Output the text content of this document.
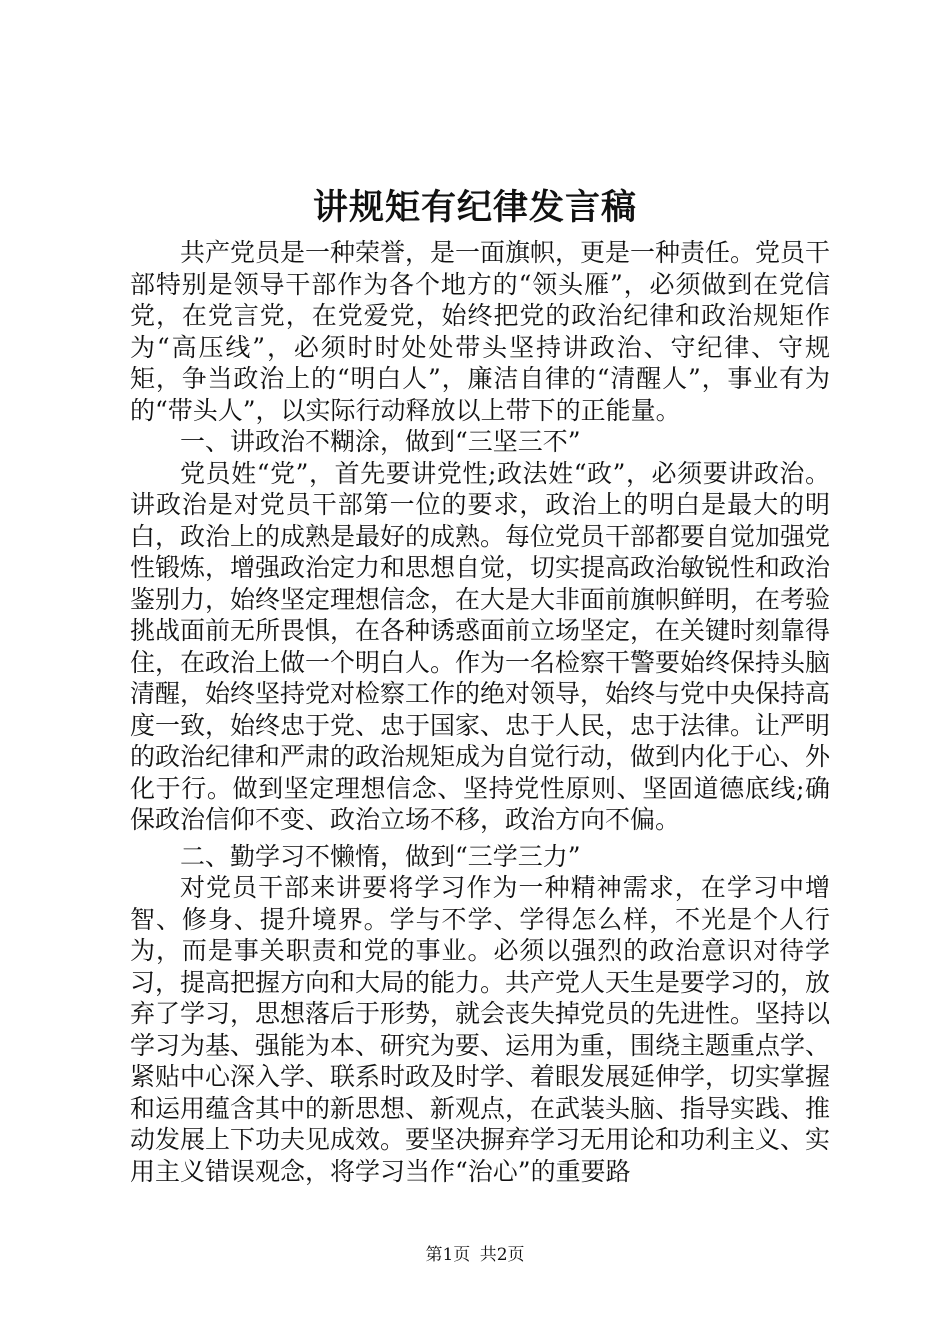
讲规矩有纪律发言稿

共产党员是一种荣誉，是一面旗帜，更是一种责任。党员干部特别是领导干部作为各个地方的“领头雁”，必须做到在党信党，在党言党，在党爱党，始终把党的政治纪律和政治规矩作为“高压线”，必须时时处处带头坚持讲政治、守纪律、守规矩，争当政治上的“明白人”，廉洁自律的“清醒人”，事业有为的“带头人”，以实际行动释放以上带下的正能量。

一、讲政治不糊涂，做到“三坚三不”

党员姓“党”，首先要讲党性;政法姓“政”，必须要讲政治。讲政治是对党员干部第一位的要求，政治上的明白是最大的明白，政治上的成熟是最好的成熟。每位党员干部都要自觉加强党性锻炼，增强政治定力和思想自觉，切实提高政治敏锐性和政治鉴别力，始终坚定理想信念，在大是大非面前旗帜鲜明，在考验挑战面前无所畏惧，在各种诱惑面前立场坚定，在关键时刻靠得住，在政治上做一个明白人。作为一名检察干警要始终保持头脑清醒，始终坚持党对检察工作的绝对领导，始终与党中央保持高度一致，始终忠于党、忠于国家、忠于人民，忠于法律。让严明的政治纪律和严肃的政治规矩成为自觉行动，做到内化于心、外化于行。做到坚定理想信念、坚持党性原则、坚固道德底线;确保政治信仰不变、政治立场不移，政治方向不偏。

二、勤学习不懒惰，做到“三学三力”

对党员干部来讲要将学习作为一种精神需求，在学习中增智、修身、提升境界。学与不学、学得怎么样，不光是个人行为，而是事关职责和党的事业。必须以强烈的政治意识对待学习，提高把握方向和大局的能力。共产党人天生是要学习的，放弃了学习，思想落后于形势，就会丧失掉党员的先进性。坚持以学习为基、强能为本、研究为要、运用为重，围绕主题重点学、紧贴中心深入学、联系时政及时学、着眼发展延伸学，切实掌握和运用蕴含其中的新思想、新观点，在武装头脑、指导实践、推动发展上下功夫见成效。要坚决摒弃学习无用论和功利主义、实用主义错误观念，将学习当作“治心”的重要路

第1页 共2页
